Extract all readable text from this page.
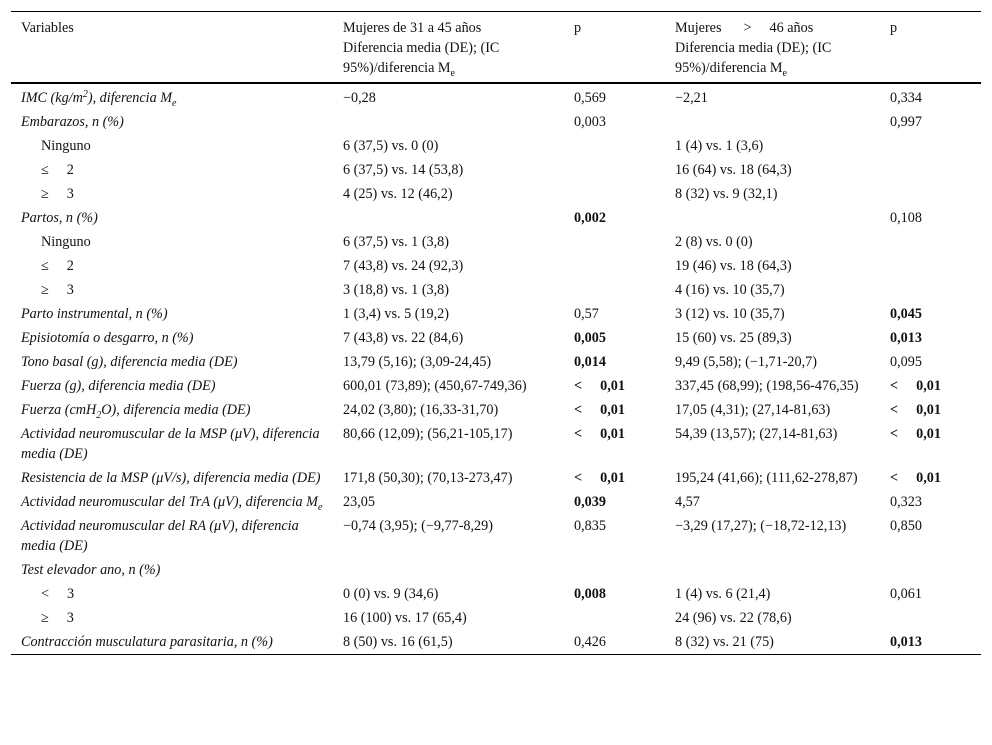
Variables	Mujeres de 31 a 45 años
Diferencia media (DE); (IC 95%)/diferencia $M_e$	p	Mujeres > 46 años
Diferencia media (DE); (IC 95%)/diferencia $M_e$	p
IMC $(kg/m^2)$, diferencia $M_e$	−0,28	0,569	−2,21	0,334
Embarazos, n (%)		0,003		0,997
Ninguno	6 (37,5) vs. 0 (0)		1 (4) vs. 1 (3,6)	
≤ 2	6 (37,5) vs. 14 (53,8)		16 (64) vs. 18 (64,3)	
≥ 3	4 (25) vs. 12 (46,2)		8 (32) vs. 9 (32,1)	
Partos, n (%)		0,002		0,108
Ninguno	6 (37,5) vs. 1 (3,8)		2 (8) vs. 0 (0)	
≤ 2	7 (43,8) vs. 24 (92,3)		19 (46) vs. 18 (64,3)	
≥ 3	3 (18,8) vs. 1 (3,8)		4 (16) vs. 10 (35,7)	
Parto instrumental, n (%)	1 (3,4) vs. 5 (19,2)	0,57	3 (12) vs. 10 (35,7)	0,045
Episiotomía o desgarro, n (%)	7 (43,8) vs. 22 (84,6)	0,005	15 (60) vs. 25 (89,3)	0,013
Tono basal (g), diferencia media (DE)	13,79 (5,16); (3,09-24,45)	0,014	9,49 (5,58); (−1,71-20,7)	0,095
Fuerza (g), diferencia media (DE)	600,01 (73,89); (450,67-749,36)	< 0,01	337,45 (68,99); (198,56-476,35)	< 0,01
Fuerza (cmH$_2$O), diferencia media (DE)	24,02 (3,80); (16,33-31,70)	< 0,01	17,05 (4,31); (27,14-81,63)	< 0,01
Actividad neuromuscular de la MSP (μV), diferencia media (DE)	80,66 (12,09); (56,21-105,17)	< 0,01	54,39 (13,57); (27,14-81,63)	< 0,01
Resistencia de la MSP (μV/s), diferencia media (DE)	171,8 (50,30); (70,13-273,47)	< 0,01	195,24 (41,66); (111,62-278,87)	< 0,01
Actividad neuromuscular del TrA (μV), diferencia $M_e$	23,05	0,039	4,57	0,323
Actividad neuromuscular del RA (μV), diferencia media (DE)	−0,74 (3,95); (−9,77-8,29)	0,835	−3,29 (17,27); (−18,72-12,13)	0,850
Test elevador ano, n (%)				
< 3	0 (0) vs. 9 (34,6)	0,008	1 (4) vs. 6 (21,4)	0,061
≥ 3	16 (100) vs. 17 (65,4)		24 (96) vs. 22 (78,6)	
Contracción musculatura parasitaria, n (%)	8 (50) vs. 16 (61,5)	0,426	8 (32) vs. 21 (75)	0,013
